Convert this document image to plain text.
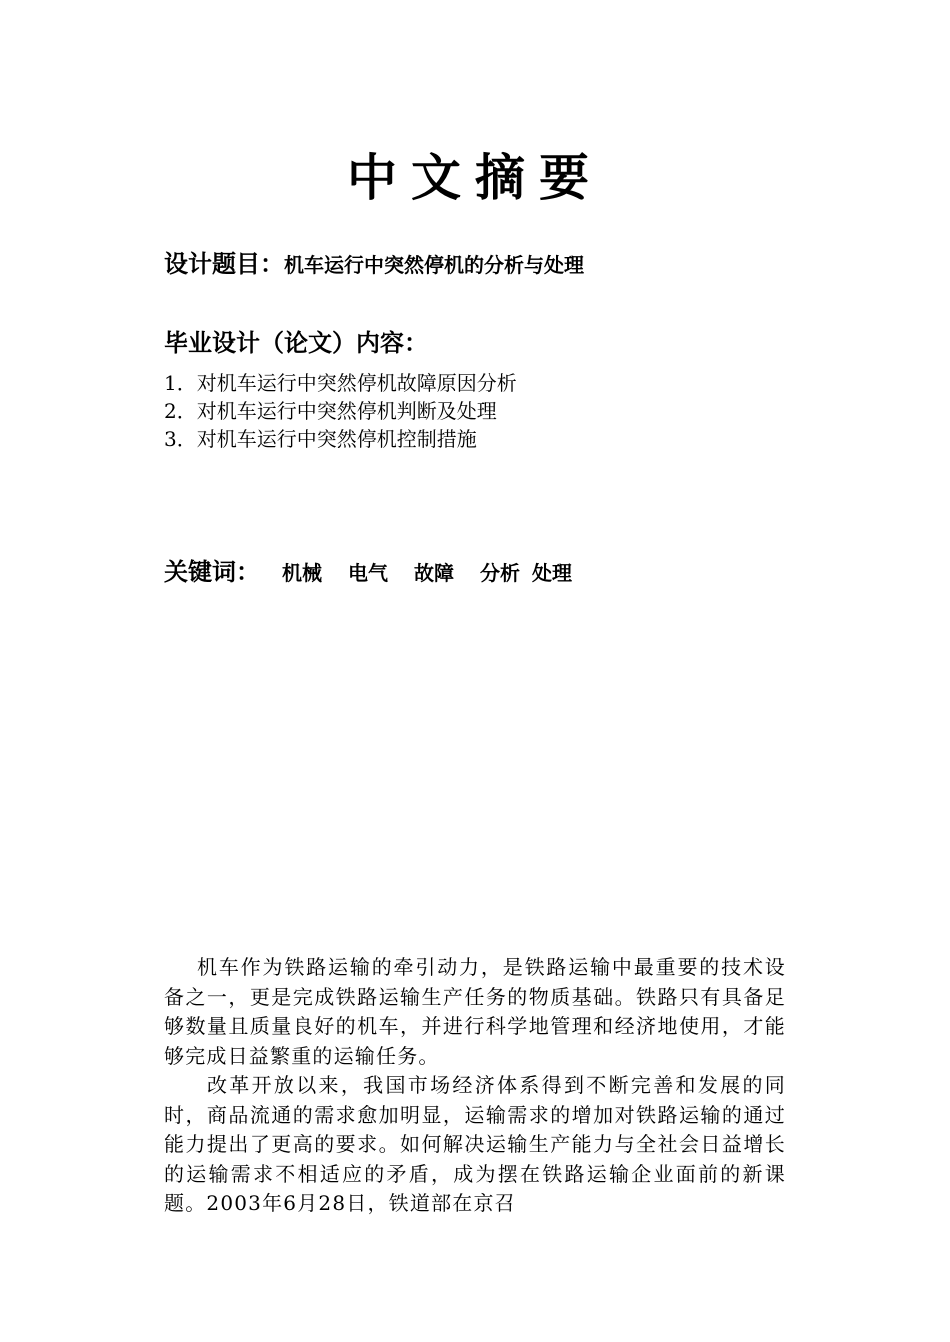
中文摘要
设计题目：机车运行中突然停机的分析与处理
毕业设计（论文）内容：
1．对机车运行中突然停机故障原因分析
2．对机车运行中突然停机判断及处理
3．对机车运行中突然停机控制措施
关键词： 机械 电气 故障 分析 处理

机车作为铁路运输的牵引动力，是铁路运输中最重要的技术设备之一，更是完成铁路运输生产任务的物质基础。铁路只有具备足够数量且质量良好的机车，并进行科学地管理和经济地使用，才能够完成日益繁重的运输任务。

改革开放以来，我国市场经济体系得到不断完善和发展的同时，商品流通的需求愈加明显，运输需求的增加对铁路运输的通过能力提出了更高的要求。如何解决运输生产能力与全社会日益增长的运输需求不相适应的矛盾，成为摆在铁路运输企业面前的新课题。2003年6月28日，铁道部在京召
